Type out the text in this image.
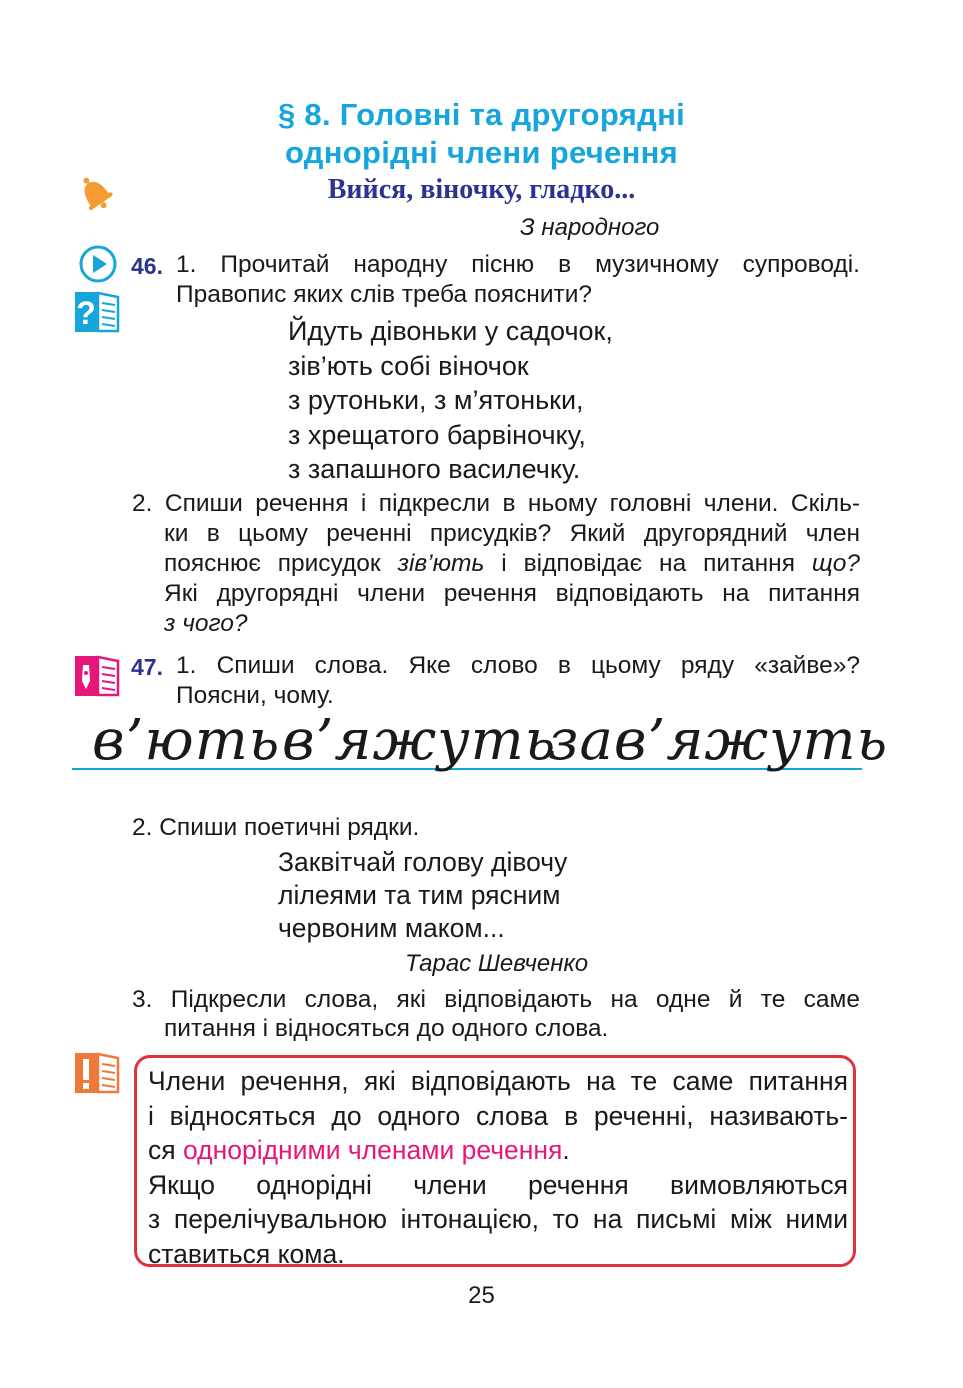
§ 8. Головні та другорядні
однорідні члени речення
Вийся, віночку, гладко...
З народного
?
46. 1. Прочитай народну пісню в музичному супроводі.
Правопис яких слів треба пояснити?
Йдуть дівоньки у садочок,
зів’ють собі віночок
з рутоньки, з м’ятоньки,
з хрещатого барвіночку,
з запашного василечку.
2. Спиши речення і підкресли в ньому головні члени. Скіль-
ки в цьому реченні присудків? Який другорядний член
пояснює присудок зів’ють і відповідає на питання що?
Які другорядні члени речення відповідають на питання
з чого?
47. 1. Спиши слова. Яке слово в цьому ряду «зайве»?
Поясни, чому.
в’ють в’яжуть
зав’яжуть
2. Спиши поетичні рядки.
Заквітчай голову дівочу
лілеями та тим рясним
червоним маком...
Тарас Шевченко
3. Підкресли слова, які відповідають на одне й те саме
питання і відносяться до одного слова.
Члени речення, які відповідають на те саме питання
і відносяться до одного слова в реченні, називають-
ся однорідними членами речення.
Якщо однорідні члени речення вимовляються
з перелічувальною інтонацією, то на письмі між ними
ставиться кома.
25
